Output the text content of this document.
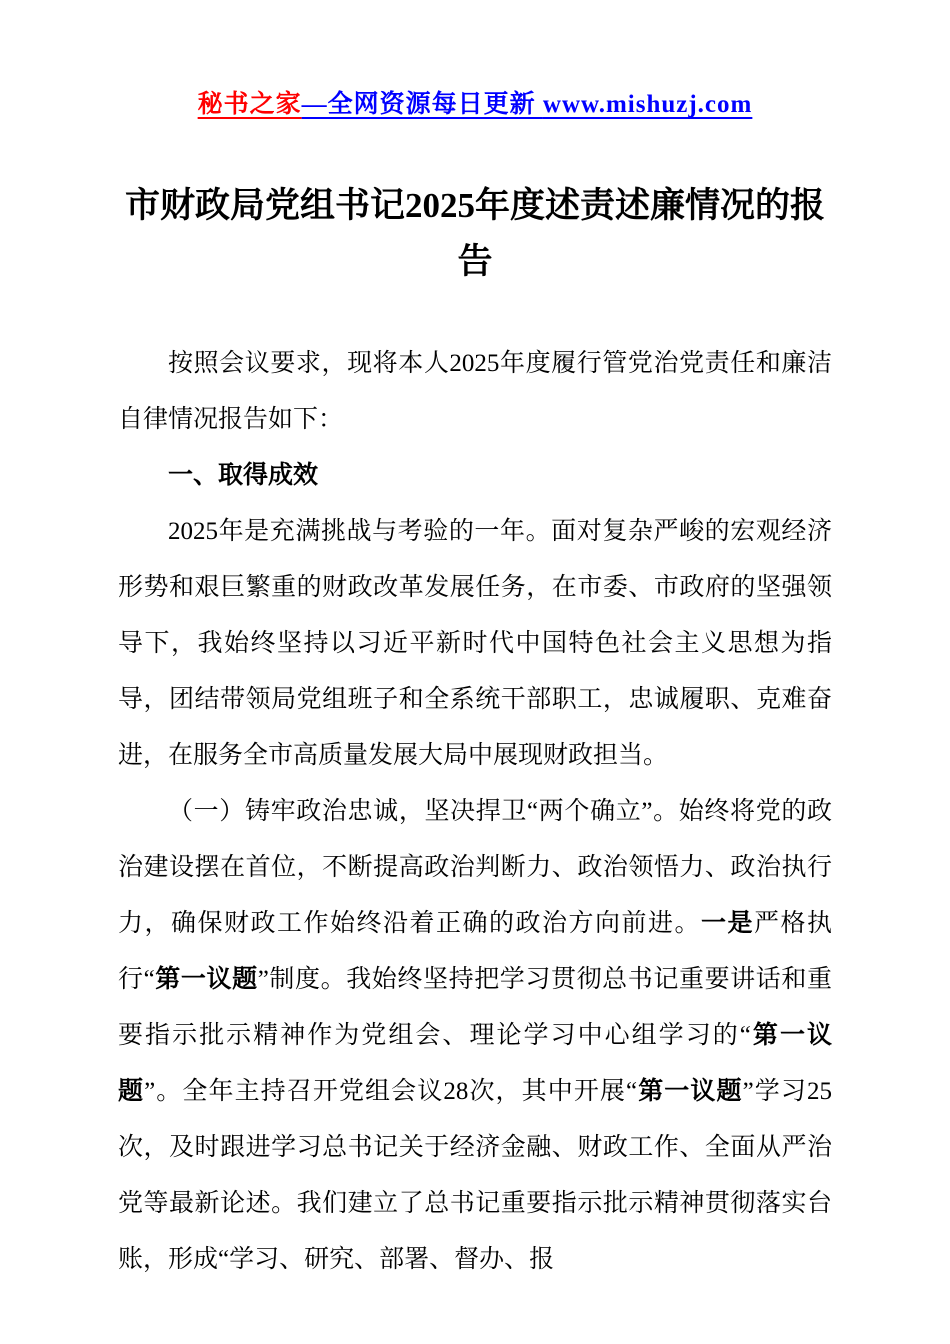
秘书之家—全网资源每日更新 www.mishuzj.com
市财政局党组书记2025年度述责述廉情况的报告

按照会议要求，现将本人2025年度履行管党治党责任和廉洁自律情况报告如下：

一、取得成效

2025年是充满挑战与考验的一年。面对复杂严峻的宏观经济形势和艰巨繁重的财政改革发展任务，在市委、市政府的坚强领导下，我始终坚持以习近平新时代中国特色社会主义思想为指导，团结带领局党组班子和全系统干部职工，忠诚履职、克难奋进，在服务全市高质量发展大局中展现财政担当。

（一）铸牢政治忠诚，坚决捍卫“两个确立”。始终将党的政治建设摆在首位，不断提高政治判断力、政治领悟力、政治执行力，确保财政工作始终沿着正确的政治方向前进。一是严格执行“第一议题”制度。我始终坚持把学习贯彻总书记重要讲话和重要指示批示精神作为党组会、理论学习中心组学习的“第一议题”。全年主持召开党组会议28次，其中开展“第一议题”学习25次，及时跟进学习总书记关于经济金融、财政工作、全面从严治党等最新论述。我们建立了总书记重要指示批示精神贯彻落实台账，形成“学习、研究、部署、督办、报
